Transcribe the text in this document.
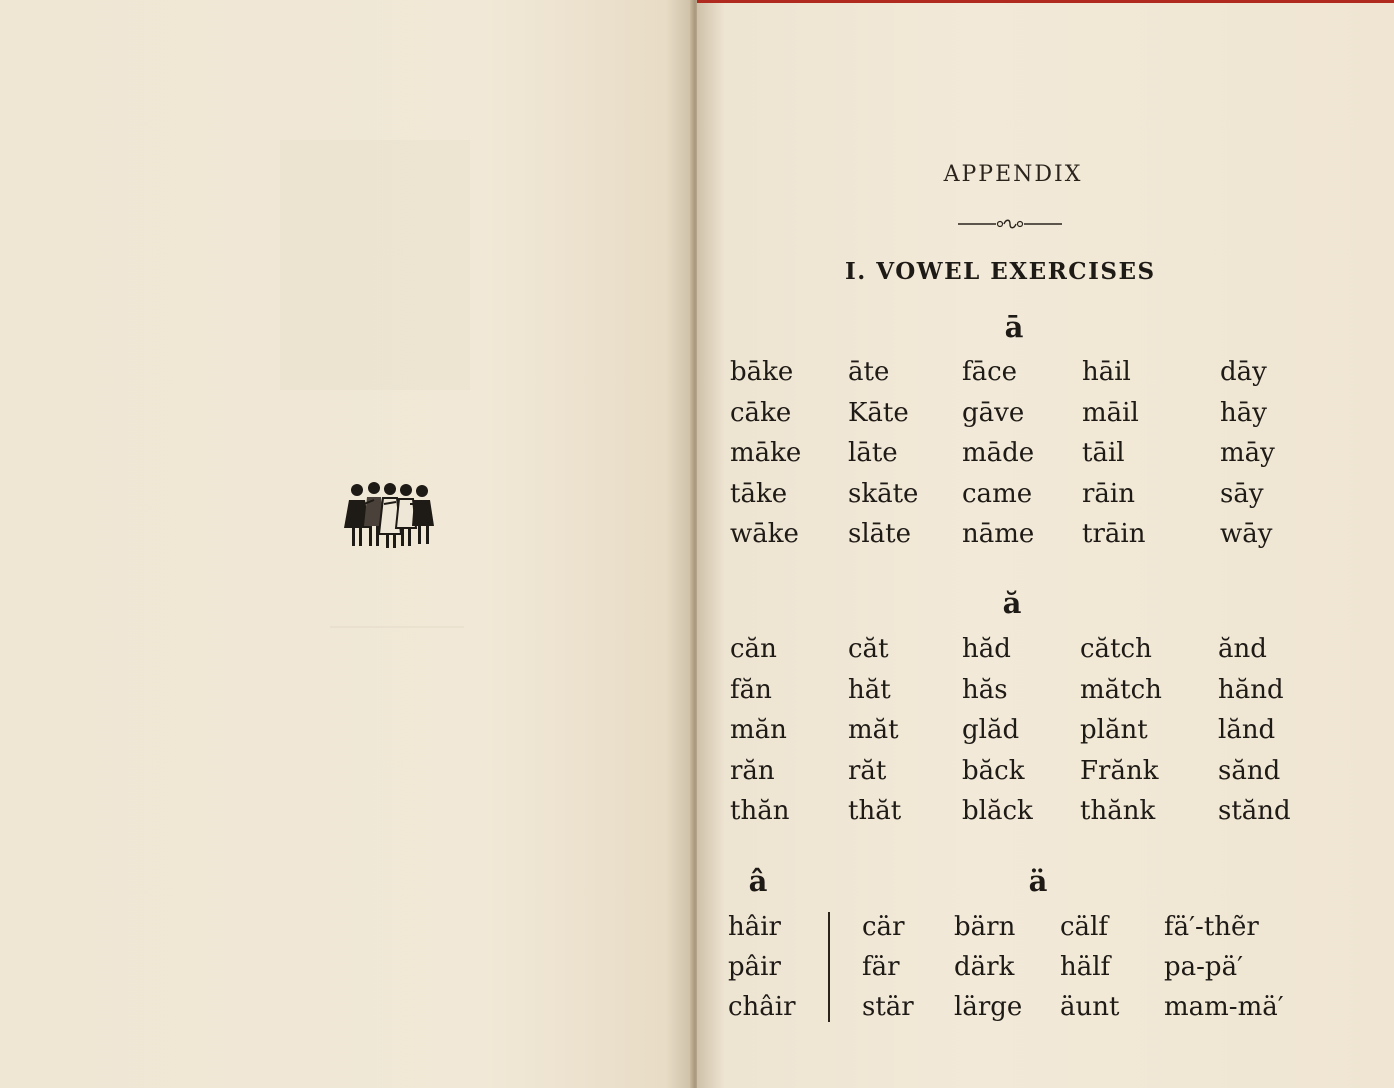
APPENDIX
I. VOWEL EXERCISES
ā
bāke
cāke
māke
tāke
wāke
āte
Kāte
lāte
skāte
slāte
fāce
gāve
māde
came
nāme
hāil
māil
tāil
rāin
trāin
dāy
hāy
māy
sāy
wāy
ă
căn
făn
măn
răn
thăn
căt
hăt
măt
răt
thăt
hăd
hăs
glăd
băck
blăck
cătch
mătch
plănt
Frănk
thănk
ănd
hănd
lănd
sănd
stănd
â	ä
hâir
pâir
châir
cär
fär
stär
bärn
därk
lärge
cälf
hälf
äunt
fä′-thẽr
pa-pä′
mam-mä′
